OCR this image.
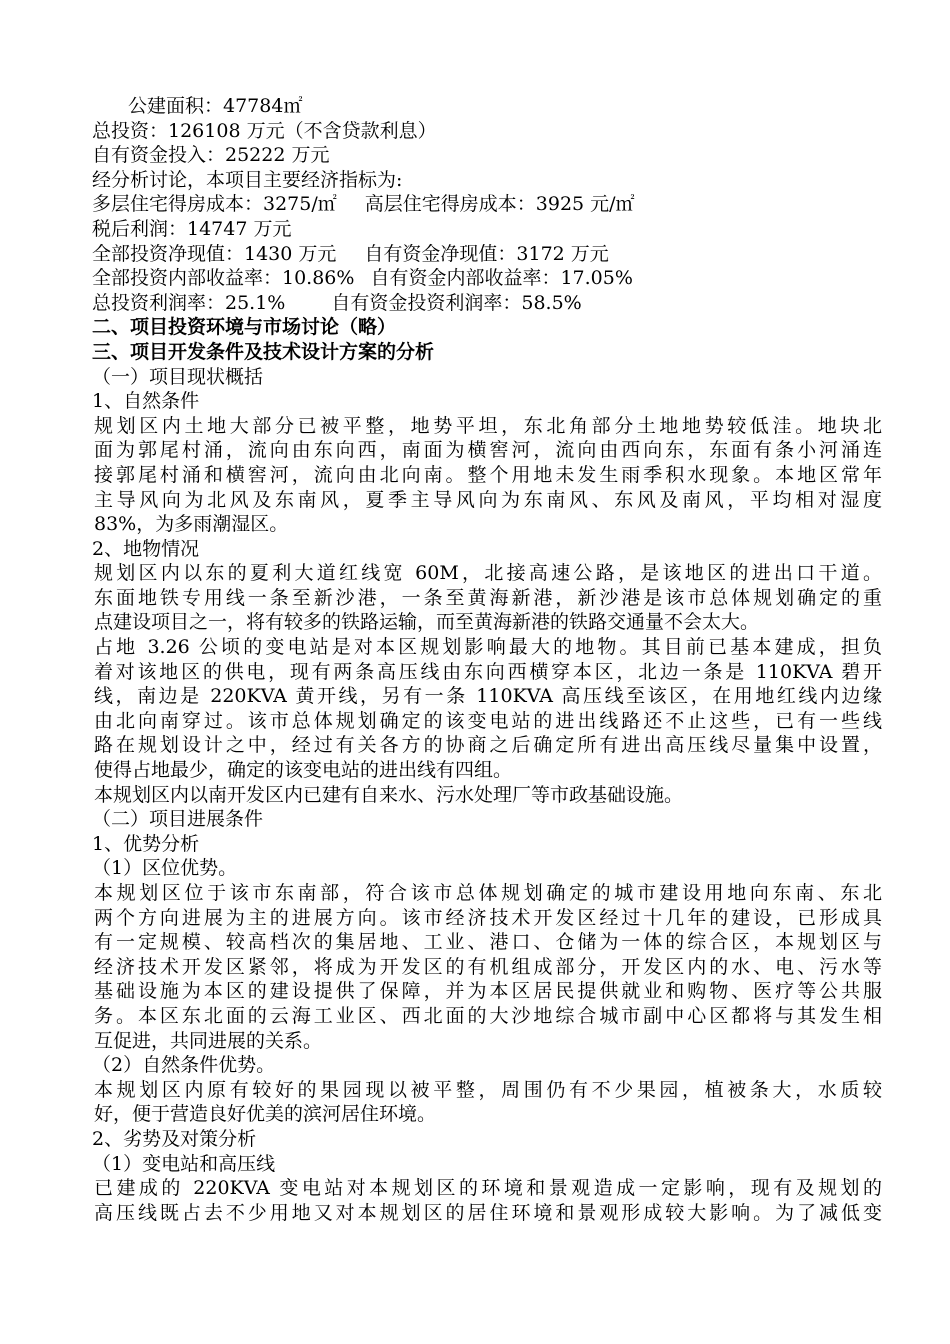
公建面积：47784㎡
总投资：126108 万元（不含贷款利息）
自有资金投入：25222 万元
经分析讨论，本项目主要经济指标为:
多层住宅得房成本：3275/㎡ 高层住宅得房成本：3925 元/㎡
税后利润：14747 万元
全部投资净现值：1430 万元 自有资金净现值：3172 万元
全部投资内部收益率：10.86% 自有资金内部收益率：17.05%
总投资利润率：25.1% 自有资金投资利润率：58.5%
二、项目投资环境与市场讨论（略）
三、项目开发条件及技术设计方案的分析
（一）项目现状概括
1、自然条件
规划区内土地大部分已被平整，地势平坦，东北角部分土地地势较低洼。地块北
面为郭尾村涌，流向由东向西，南面为横窖河，流向由西向东，东面有条小河涌连
接郭尾村涌和横窖河，流向由北向南。整个用地未发生雨季积水现象。本地区常年
主导风向为北风及东南风，夏季主导风向为东南风、东风及南风，平均相对湿度
83%，为多雨潮湿区。
2、地物情况
规划区内以东的夏利大道红线宽 60M，北接高速公路，是该地区的进出口干道。
东面地铁专用线一条至新沙港，一条至黄海新港，新沙港是该市总体规划确定的重
点建设项目之一，将有较多的铁路运输，而至黄海新港的铁路交通量不会太大。
占地 3.26 公顷的变电站是对本区规划影响最大的地物。其目前已基本建成，担负
着对该地区的供电，现有两条高压线由东向西横穿本区，北边一条是 110KVA 碧开
线，南边是 220KVA 黄开线，另有一条 110KVA 高压线至该区，在用地红线内边缘
由北向南穿过。该市总体规划确定的该变电站的进出线路还不止这些，已有一些线
路在规划设计之中，经过有关各方的协商之后确定所有进出高压线尽量集中设置，
使得占地最少，确定的该变电站的进出线有四组。
本规划区内以南开发区内已建有自来水、污水处理厂等市政基础设施。
（二）项目进展条件
1、优势分析
（1）区位优势。
本规划区位于该市东南部，符合该市总体规划确定的城市建设用地向东南、东北
两个方向进展为主的进展方向。该市经济技术开发区经过十几年的建设，已形成具
有一定规模、较高档次的集居地、工业、港口、仓储为一体的综合区，本规划区与
经济技术开发区紧邻，将成为开发区的有机组成部分，开发区内的水、电、污水等
基础设施为本区的建设提供了保障，并为本区居民提供就业和购物、医疗等公共服
务。本区东北面的云海工业区、西北面的大沙地综合城市副中心区都将与其发生相
互促进，共同进展的关系。
（2）自然条件优势。
本规划区内原有较好的果园现以被平整，周围仍有不少果园，植被条大，水质较
好，便于营造良好优美的滨河居住环境。
2、劣势及对策分析
（1）变电站和高压线
已建成的 220KVA 变电站对本规划区的环境和景观造成一定影响，现有及规划的
高压线既占去不少用地又对本规划区的居住环境和景观形成较大影响。为了减低变
